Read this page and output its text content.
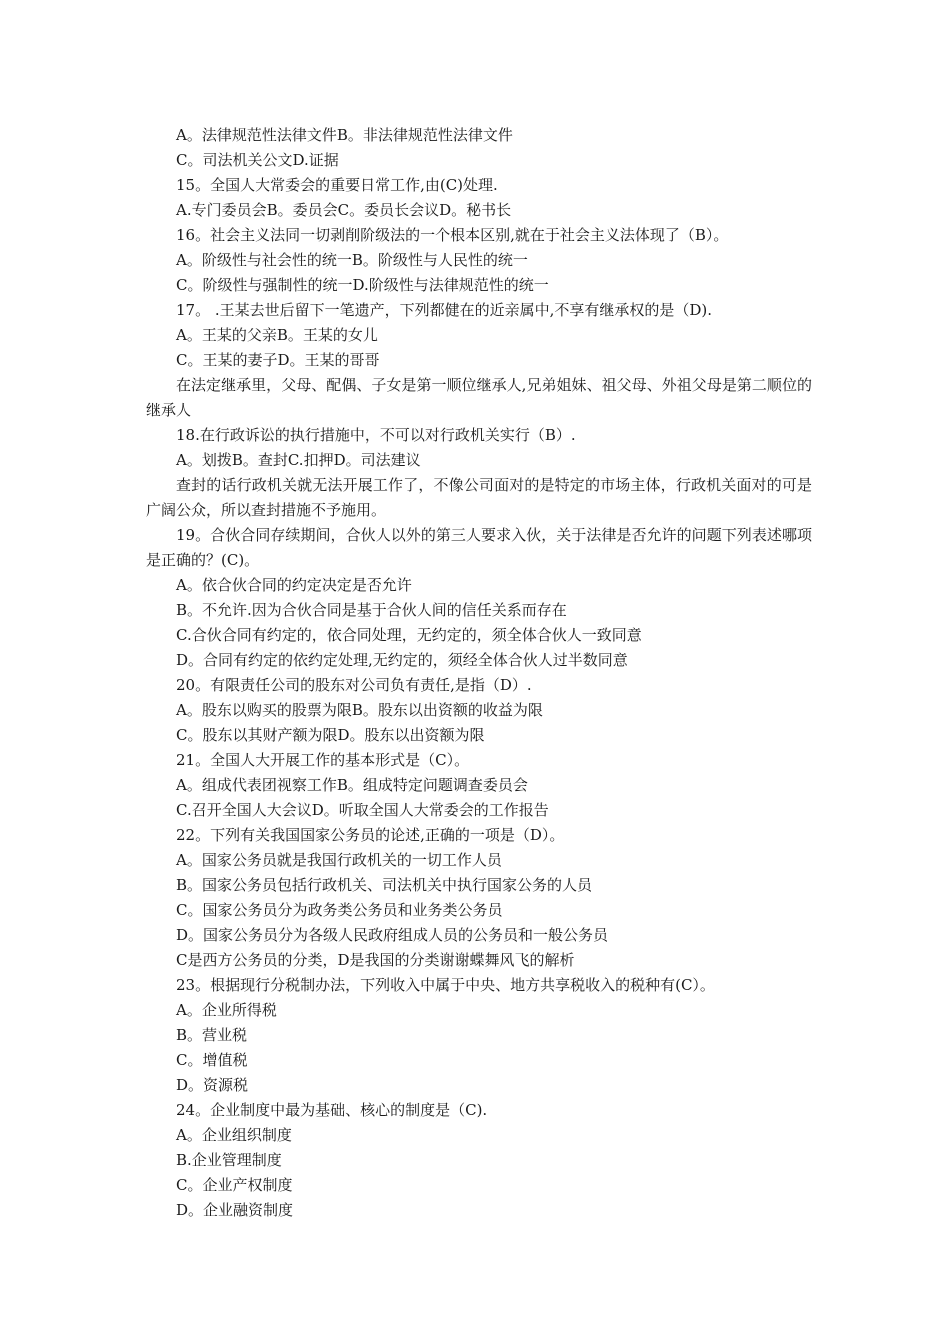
A。法律规范性法律文件B。非法律规范性法律文件

C。司法机关公文D.证据

15。全国人大常委会的重要日常工作,由(C)处理.

A.专门委员会B。委员会C。委员长会议D。秘书长

16。社会主义法同一切剥削阶级法的一个根本区别,就在于社会主义法体现了（B）。

A。阶级性与社会性的统一B。阶级性与人民性的统一

C。阶级性与强制性的统一D.阶级性与法律规范性的统一

17。 .王某去世后留下一笔遗产，下列都健在的近亲属中,不享有继承权的是（D).

A。王某的父亲B。王某的女儿

C。王某的妻子D。王某的哥哥

在法定继承里，父母、配偶、子女是第一顺位继承人,兄弟姐妹、祖父母、外祖父母是第二顺位的继承人

18.在行政诉讼的执行措施中，不可以对行政机关实行（B）.

A。划拨B。查封C.扣押D。司法建议

查封的话行政机关就无法开展工作了，不像公司面对的是特定的市场主体，行政机关面对的可是广阔公众，所以查封措施不予施用。

19。合伙合同存续期间，合伙人以外的第三人要求入伙，关于法律是否允许的问题下列表述哪项是正确的？(C)。

A。依合伙合同的约定决定是否允许

B。不允许.因为合伙合同是基于合伙人间的信任关系而存在

C.合伙合同有约定的，依合同处理，无约定的，须全体合伙人一致同意

D。合同有约定的依约定处理,无约定的，须经全体合伙人过半数同意

20。有限责任公司的股东对公司负有责任,是指（D）.

A。股东以购买的股票为限B。股东以出资额的收益为限

C。股东以其财产额为限D。股东以出资额为限

21。全国人大开展工作的基本形式是（C）。

A。组成代表团视察工作B。组成特定问题调查委员会

C.召开全国人大会议D。听取全国人大常委会的工作报告

22。下列有关我国国家公务员的论述,正确的一项是（D）。

A。国家公务员就是我国行政机关的一切工作人员

B。国家公务员包括行政机关、司法机关中执行国家公务的人员

C。国家公务员分为政务类公务员和业务类公务员

D。国家公务员分为各级人民政府组成人员的公务员和一般公务员

C是西方公务员的分类，D是我国的分类谢谢蝶舞风飞的解析

23。根据现行分税制办法，下列收入中属于中央、地方共享税收入的税种有(C）。

A。企业所得税

B。营业税

C。增值税

D。资源税

24。企业制度中最为基础、核心的制度是（C).

A。企业组织制度

B.企业管理制度

C。企业产权制度

D。企业融资制度
